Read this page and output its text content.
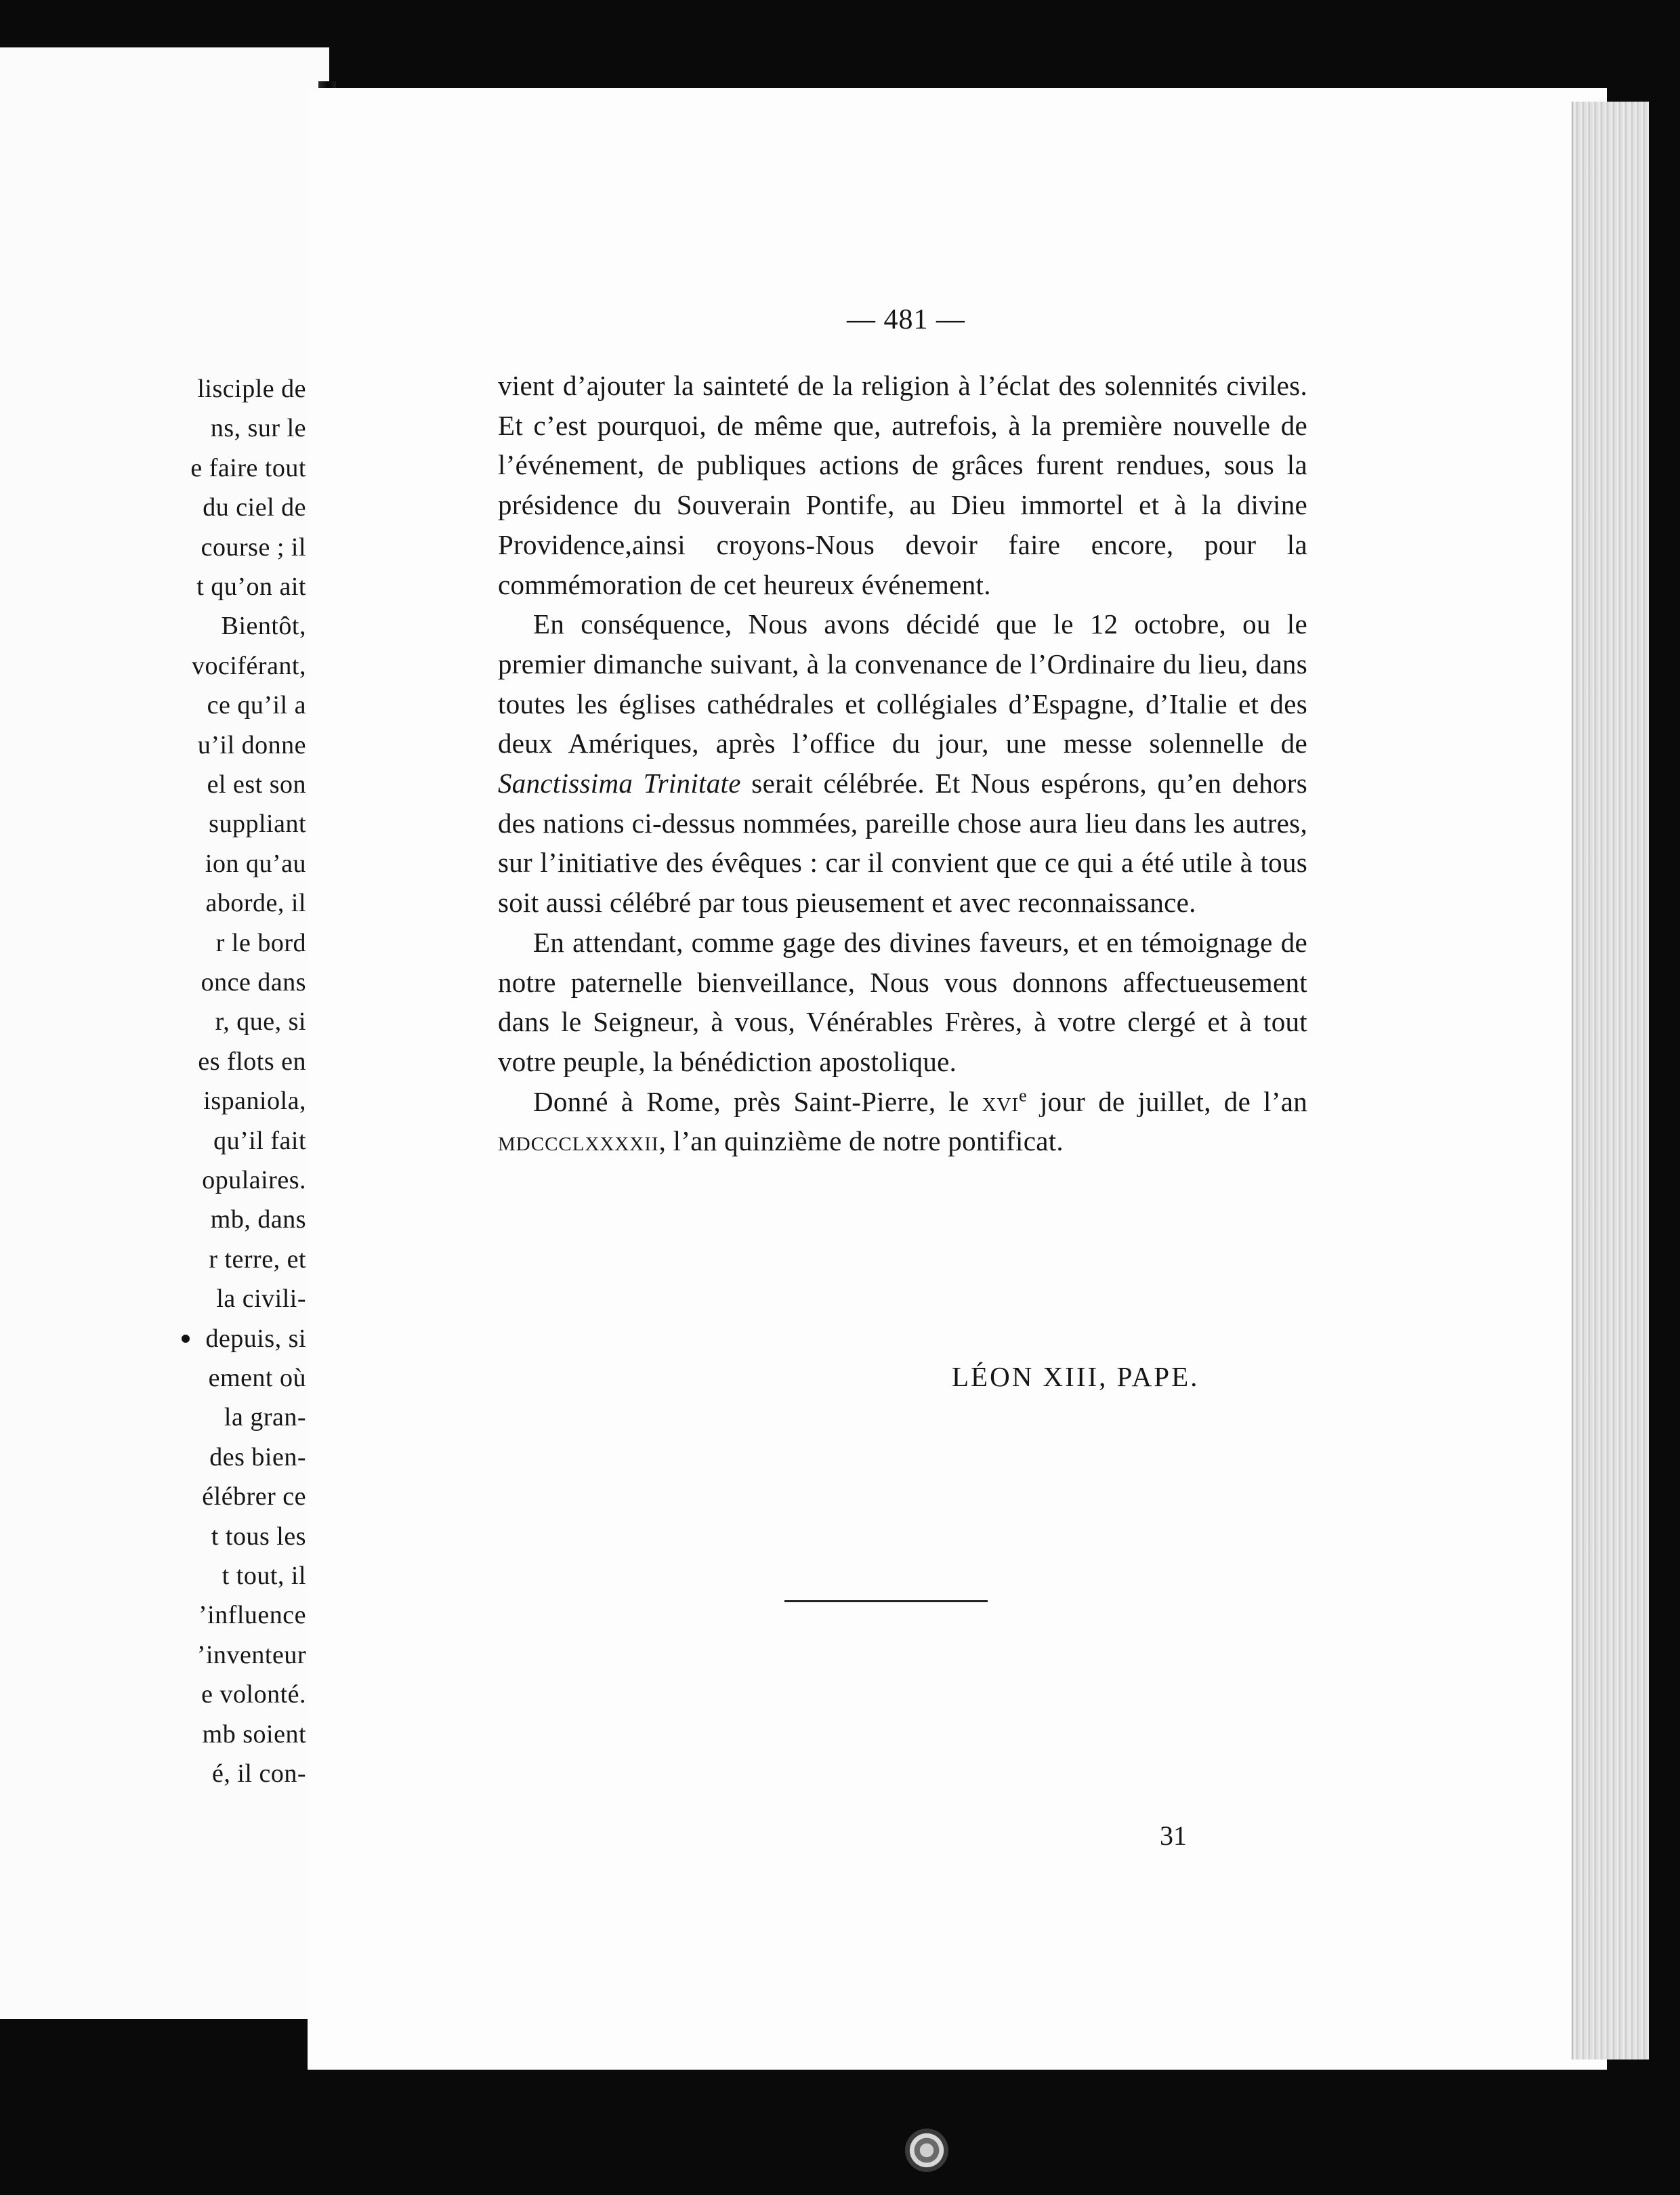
lisciple de
ns, sur le
e faire tout
du ciel de
course ; il
t qu’on ait
Bientôt,
vociférant,
ce qu’il a
u’il donne
el est son
suppliant
ion qu’au
aborde, il
r le bord
once dans
r, que, si
es flots en
ispaniola,
qu’il fait
opulaires.
mb, dans
r terre, et
la civili-
depuis, si
ement où
la gran-
des bien-
élébrer ce
t tous les
t tout, il
’influence
’inventeur
e volonté.
mb soient
é, il con-
— 481 —

vient d’ajouter la sainteté de la religion à l’éclat des solennités civiles. Et c’est pourquoi, de même que, autrefois, à la première nouvelle de l’événement, de publiques actions de grâces furent rendues, sous la présidence du Souverain Pontife, au Dieu immortel et à la divine Providence,ainsi croyons-Nous devoir faire encore, pour la commémoration de cet heureux événement.

En conséquence, Nous avons décidé que le 12 octobre, ou le premier dimanche suivant, à la convenance de l’Ordinaire du lieu, dans toutes les églises cathédrales et collégiales d’Espagne, d’Italie et des deux Amériques, après l’office du jour, une messe solennelle de Sanctissima Trinitate serait célébrée. Et Nous espérons, qu’en dehors des nations ci-dessus nommées, pareille chose aura lieu dans les autres, sur l’initiative des évêques : car il convient que ce qui a été utile à tous soit aussi célébré par tous pieusement et avec reconnaissance.

En attendant, comme gage des divines faveurs, et en témoignage de notre paternelle bienveillance, Nous vous donnons affectueusement dans le Seigneur, à vous, Vénérables Frères, à votre clergé et à tout votre peuple, la bénédiction apostolique.

Donné à Rome, près Saint-Pierre, le xvi$^e$ jour de juillet, de l’an mdccclxxxxii, l’an quinzième de notre pontificat.

LÉON XIII, PAPE.
31
